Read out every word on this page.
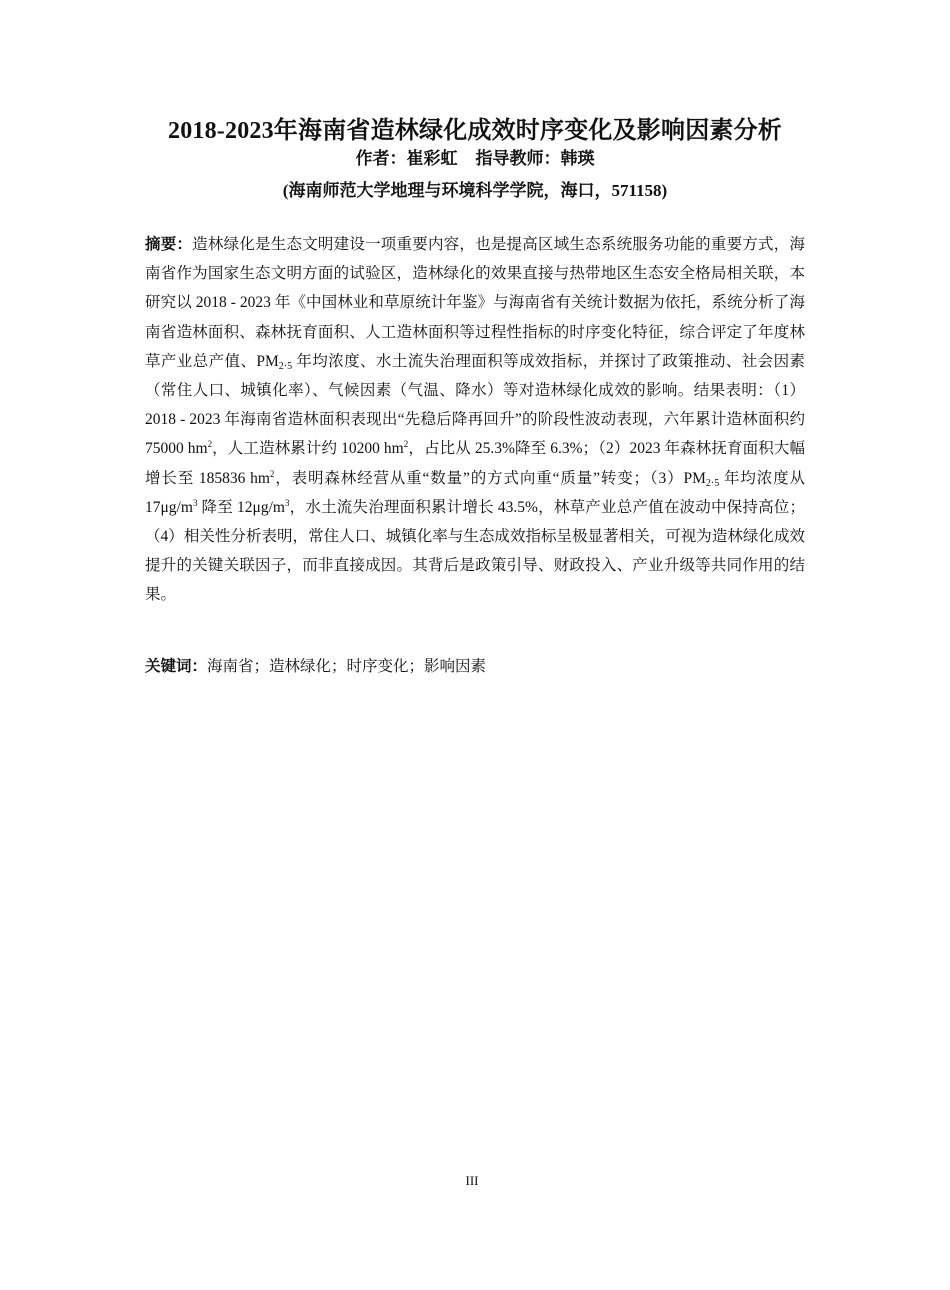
2018-2023年海南省造林绿化成效时序变化及影响因素分析
作者：崔彩虹 指导教师：韩瑛
(海南师范大学地理与环境科学学院，海口，571158)
摘要：造林绿化是生态文明建设一项重要内容，也是提高区域生态系统服务功能的重要方式，海南省作为国家生态文明方面的试验区，造林绿化的效果直接与热带地区生态安全格局相关联，本研究以 2018 - 2023 年《中国林业和草原统计年鉴》与海南省有关统计数据为依托，系统分析了海南省造林面积、森林抚育面积、人工造林面积等过程性指标的时序变化特征，综合评定了年度林草产业总产值、$PM_{2\cdot 5}$ 年均浓度、水土流失治理面积等成效指标，并探讨了政策推动、社会因素（常住人口、城镇化率）、气候因素（气温、降水）等对造林绿化成效的影响。结果表明：（1）2018 - 2023 年海南省造林面积表现出“先稳后降再回升”的阶段性波动表现，六年累计造林面积约 75000 $hm^2$，人工造林累计约 10200 $hm^2$，占比从 25.3%降至 6.3%；（2）2023 年森林抚育面积大幅增长至 185836 $hm^2$，表明森林经营从重“数量”的方式向重“质量”转变；$(3)PM_{2\cdot 5}$ 年均浓度从 $17\mu g/m^3$ 降至 $12\mu g/m^3$，水土流失治理面积累计增长 43.5%，林草产业总产值在波动中保持高位；（4）相关性分析表明，常住人口、城镇化率与生态成效指标呈极显著相关，可视为造林绿化成效提升的关键关联因子，而非直接成因。其背后是政策引导、财政投入、产业升级等共同作用的结果。
关键词：海南省；造林绿化；时序变化；影响因素
III
